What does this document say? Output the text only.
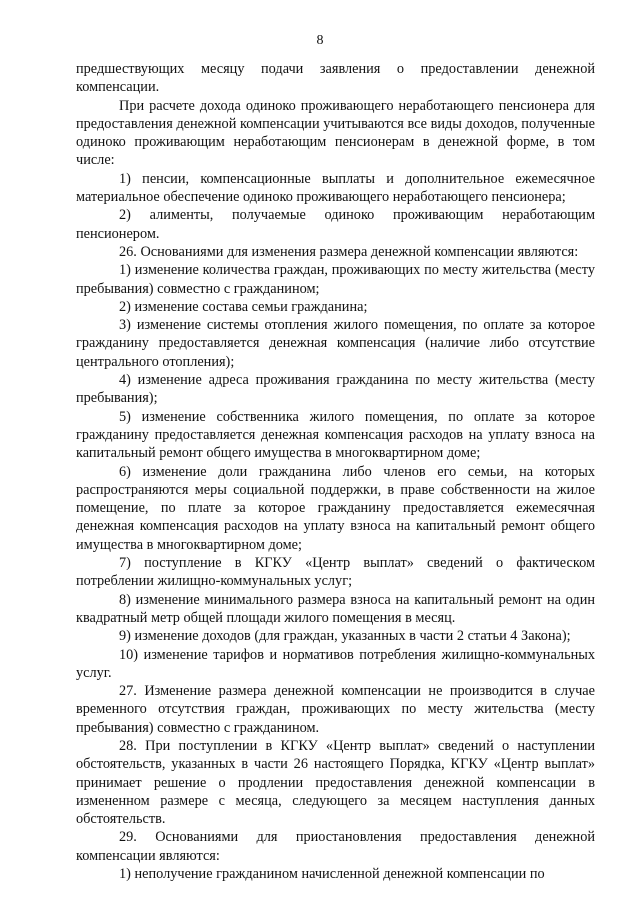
8

предшествующих месяцу подачи заявления о предоставлении денежной компенсации.

При расчете дохода одиноко проживающего неработающего пенсионера для предоставления денежной компенсации учитываются все виды доходов, полученные одиноко проживающим неработающим пенсионерам в денежной форме, в том числе:

1) пенсии, компенсационные выплаты и дополнительное ежемесячное материальное обеспечение одиноко проживающего неработающего пенсионера;

2) алименты, получаемые одиноко проживающим неработающим пенсионером.

26. Основаниями для изменения размера денежной компенсации являются:

1) изменение количества граждан, проживающих по месту жительства (месту пребывания) совместно с гражданином;

2) изменение состава семьи гражданина;

3) изменение системы отопления жилого помещения, по оплате за которое гражданину предоставляется денежная компенсация (наличие либо отсутствие центрального отопления);

4) изменение адреса проживания гражданина по месту жительства (месту пребывания);

5) изменение собственника жилого помещения, по оплате за которое гражданину предоставляется денежная компенсация расходов на уплату взноса на капитальный ремонт общего имущества в многоквартирном доме;

6) изменение доли гражданина либо членов его семьи, на которых распространяются меры социальной поддержки, в праве собственности на жилое помещение, по плате за которое гражданину предоставляется ежемесячная денежная компенсация расходов на уплату взноса на капитальный ремонт общего имущества в многоквартирном доме;

7) поступление в КГКУ «Центр выплат» сведений о фактическом потреблении жилищно-коммунальных услуг;

8) изменение минимального размера взноса на капитальный ремонт на один квадратный метр общей площади жилого помещения в месяц.

9) изменение доходов (для граждан, указанных в части 2 статьи 4 Закона);

10) изменение тарифов и нормативов потребления жилищно-коммунальных услуг.

27. Изменение размера денежной компенсации не производится в случае временного отсутствия граждан, проживающих по месту жительства (месту пребывания) совместно с гражданином.

28. При поступлении в КГКУ «Центр выплат» сведений о наступлении обстоятельств, указанных в части 26 настоящего Порядка, КГКУ «Центр выплат» принимает решение о продлении предоставления денежной компенсации в измененном размере с месяца, следующего за месяцем наступления данных обстоятельств.

29. Основаниями для приостановления предоставления денежной компенсации являются:

1) неполучение гражданином начисленной денежной компенсации по
